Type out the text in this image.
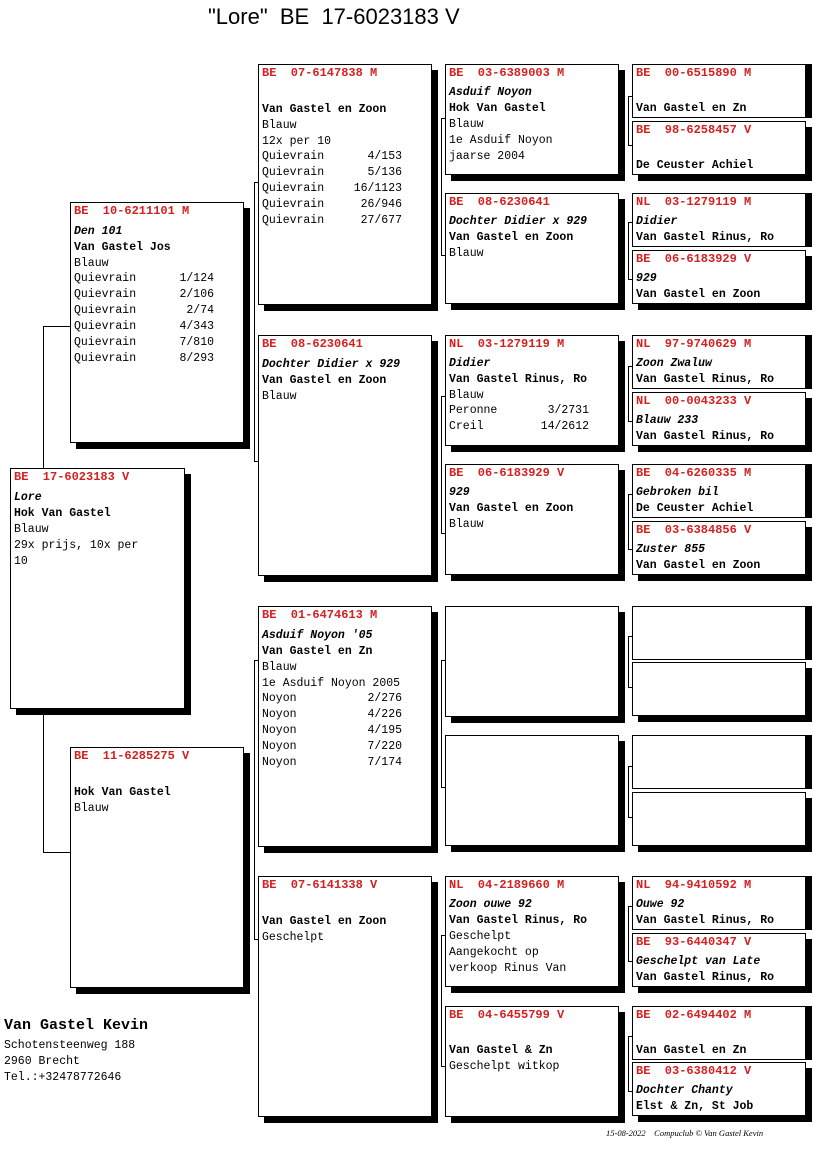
"Lore"  BE  17-6023183 V
BE  17-6023183 V
Lore
Hok Van Gastel
Blauw
29x prijs, 10x per
10
BE  10-6211101 M
Den 101
Van Gastel Jos
Blauw
Quievrain	1/124
Quievrain	2/106
Quievrain	2/74
Quievrain	4/343
Quievrain	7/810
Quievrain	8/293
BE  11-6285275 V
Hok Van Gastel
Blauw
BE  07-6147838 M
Van Gastel en Zoon
Blauw
12x per 10
Quievrain	4/153
Quievrain	5/136
Quievrain	16/1123
Quievrain	26/946
Quievrain	27/677
BE  08-6230641
Dochter Didier x 929
Van Gastel en Zoon
Blauw
BE  01-6474613 M
Asduif Noyon '05
Van Gastel en Zn
Blauw
1e Asduif Noyon 2005
Noyon	2/276
Noyon	4/226
Noyon	4/195
Noyon	7/220
Noyon	7/174
BE  07-6141338 V
Van Gastel en Zoon
Geschelpt
BE  03-6389003 M
Asduif Noyon
Hok Van Gastel
Blauw
1e Asduif Noyon
jaarse 2004
BE  08-6230641
Dochter Didier x 929
Van Gastel en Zoon
Blauw
NL  03-1279119 M
Didier
Van Gastel Rinus, Ro
Blauw
Peronne	3/2731
Creil	14/2612
BE  06-6183929 V
929
Van Gastel en Zoon
Blauw
NL  04-2189660 M
Zoon ouwe 92
Van Gastel Rinus, Ro
Geschelpt
Aangekocht op
verkoop Rinus Van
BE  04-6455799 V
Van Gastel & Zn
Geschelpt witkop
BE  00-6515890 M
Van Gastel en Zn
BE  98-6258457 V
De Ceuster Achiel
NL  03-1279119 M
Didier
Van Gastel Rinus, Ro
BE  06-6183929 V
929
Van Gastel en Zoon
NL  97-9740629 M
Zoon Zwaluw
Van Gastel Rinus, Ro
NL  00-0043233 V
Blauw 233
Van Gastel Rinus, Ro
BE  04-6260335 M
Gebroken bil
De Ceuster Achiel
BE  03-6384856 V
Zuster 855
Van Gastel en Zoon
NL  94-9410592 M
Ouwe 92
Van Gastel Rinus, Ro
BE  93-6440347 V
Geschelpt van Late
Van Gastel Rinus, Ro
BE  02-6494402 M
Van Gastel en Zn
BE  03-6380412 V
Dochter Chanty
Elst & Zn, St Job
Van Gastel Kevin
Schotensteenweg 188
2960 Brecht
Tel.:+32478772646
15-08-2022    Compuclub © Van Gastel Kevin
